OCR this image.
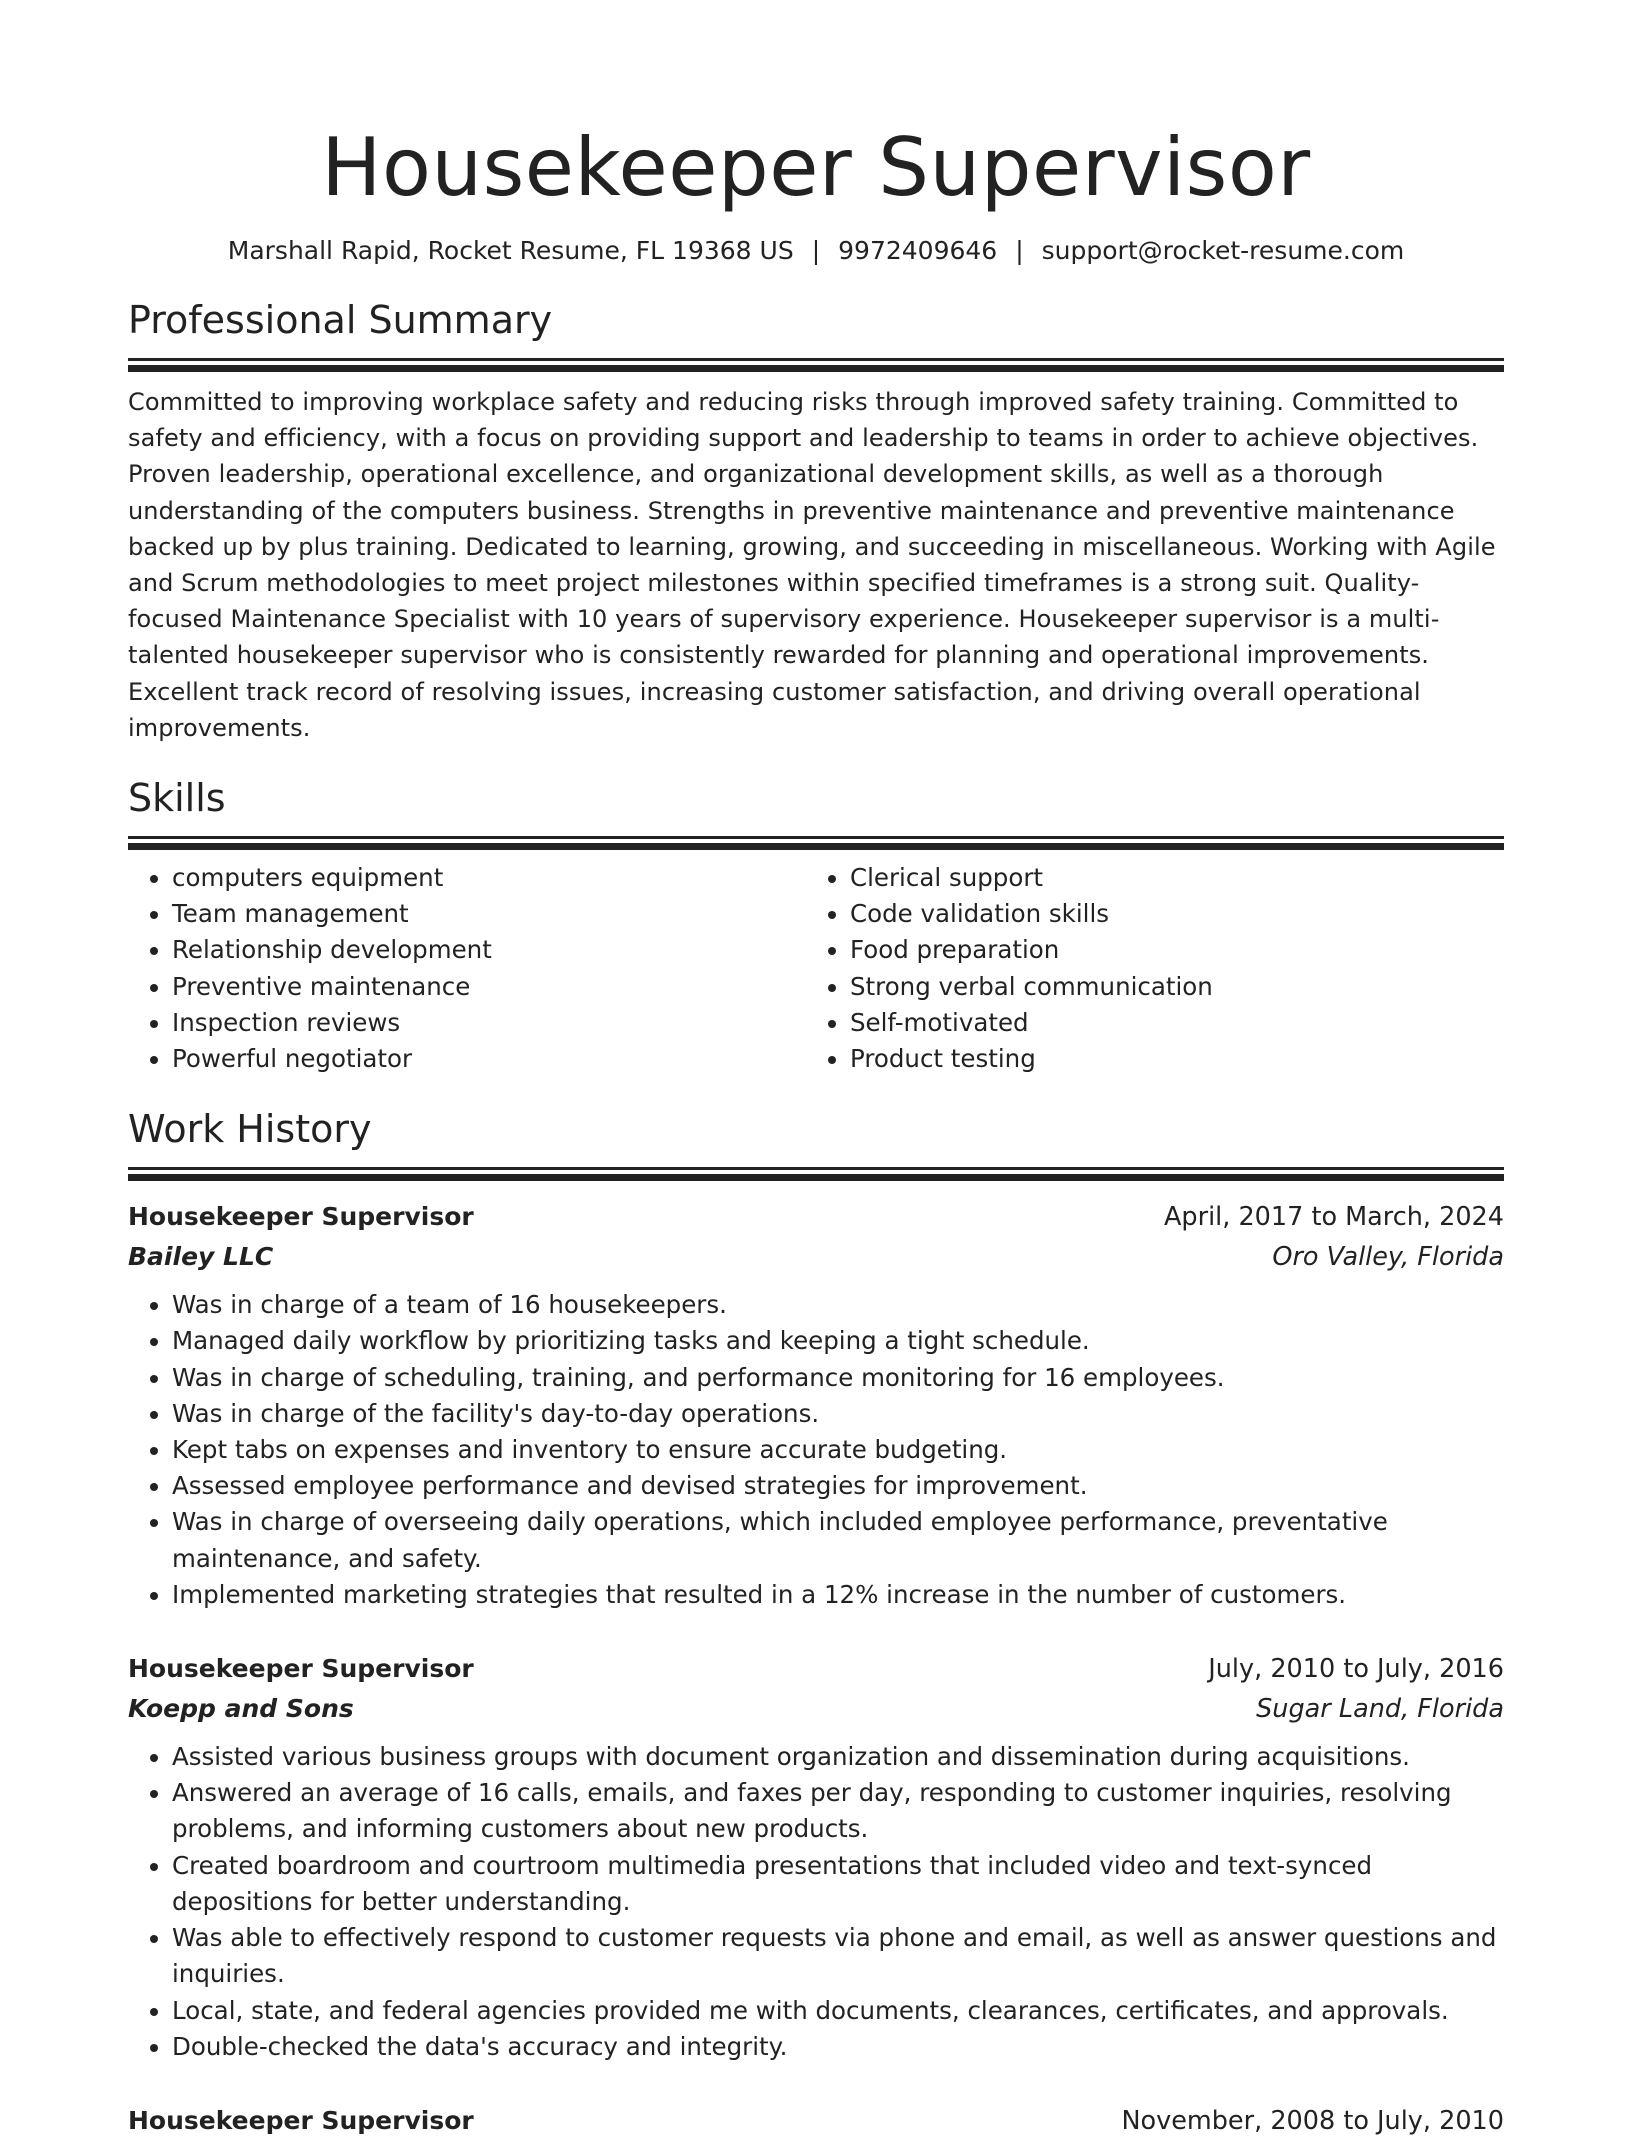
Housekeeper Supervisor
Marshall Rapid, Rocket Resume, FL 19368 US | 9972409646 | support@rocket-resume.com
Professional Summary

Committed to improving workplace safety and reducing risks through improved safety training. Committed to safety and efficiency, with a focus on providing support and leadership to teams in order to achieve objectives. Proven leadership, operational excellence, and organizational development skills, as well as a thorough understanding of the computers business. Strengths in preventive maintenance and preventive maintenance backed up by plus training. Dedicated to learning, growing, and succeeding in miscellaneous. Working with Agile and Scrum methodologies to meet project milestones within specified timeframes is a strong suit. Quality-focused Maintenance Specialist with 10 years of supervisory experience. Housekeeper supervisor is a multi-talented housekeeper supervisor who is consistently rewarded for planning and operational improvements. Excellent track record of resolving issues, increasing customer satisfaction, and driving overall operational improvements.

Skills
• computers equipment
• Team management
• Relationship development
• Preventive maintenance
• Inspection reviews
• Powerful negotiator
• Clerical support
• Code validation skills
• Food preparation
• Strong verbal communication
• Self-motivated
• Product testing
Work History
Housekeeper Supervisor	April, 2017 to March, 2024
Bailey LLC	Oro Valley, Florida
• Was in charge of a team of 16 housekeepers.
• Managed daily workflow by prioritizing tasks and keeping a tight schedule.
• Was in charge of scheduling, training, and performance monitoring for 16 employees.
• Was in charge of the facility's day-to-day operations.
• Kept tabs on expenses and inventory to ensure accurate budgeting.
• Assessed employee performance and devised strategies for improvement.
• Was in charge of overseeing daily operations, which included employee performance, preventative maintenance, and safety.
• Implemented marketing strategies that resulted in a 12% increase in the number of customers.
Housekeeper Supervisor	July, 2010 to July, 2016
Koepp and Sons	Sugar Land, Florida
• Assisted various business groups with document organization and dissemination during acquisitions.
• Answered an average of 16 calls, emails, and faxes per day, responding to customer inquiries, resolving problems, and informing customers about new products.
• Created boardroom and courtroom multimedia presentations that included video and text-synced depositions for better understanding.
• Was able to effectively respond to customer requests via phone and email, as well as answer questions and inquiries.
• Local, state, and federal agencies provided me with documents, clearances, certificates, and approvals.
• Double-checked the data's accuracy and integrity.
Housekeeper Supervisor	November, 2008 to July, 2010
